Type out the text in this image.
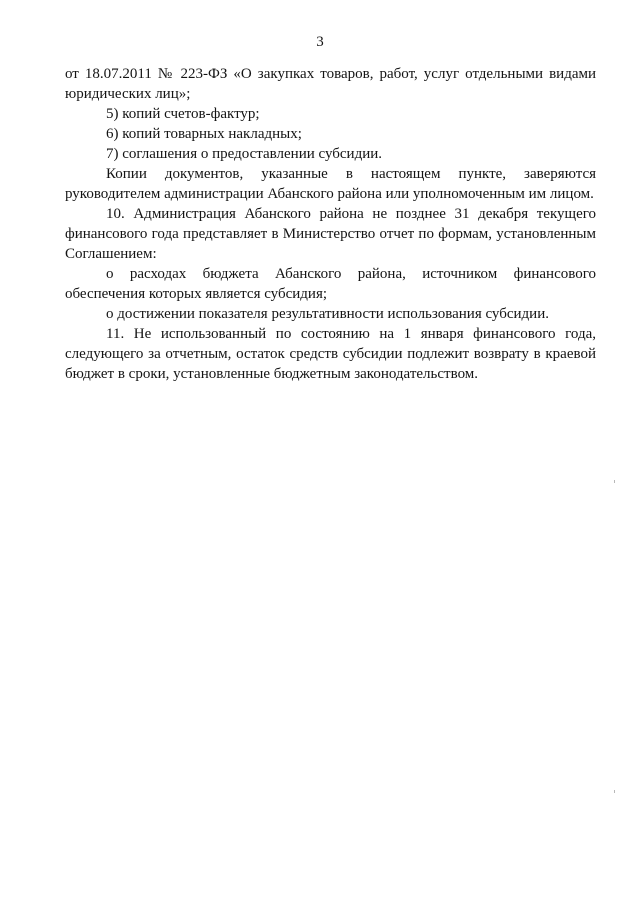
3

от 18.07.2011 № 223-ФЗ «О закупках товаров, работ, услуг отдельными видами юридических лиц»;

5) копий счетов-фактур;

6) копий товарных накладных;

7) соглашения о предоставлении субсидии.

Копии документов, указанные в настоящем пункте, заверяются руководителем администрации Абанского района или уполномоченным им лицом.

10. Администрация Абанского района не позднее 31 декабря текущего финансового года представляет в Министерство отчет по формам, установленным Соглашением:

о расходах бюджета Абанского района, источником финансового обеспечения которых является субсидия;

о достижении показателя результативности использования субсидии.

11. Не использованный по состоянию на 1 января финансового года, следующего за отчетным, остаток средств субсидии подлежит возврату в краевой бюджет в сроки, установленные бюджетным законодательством.
